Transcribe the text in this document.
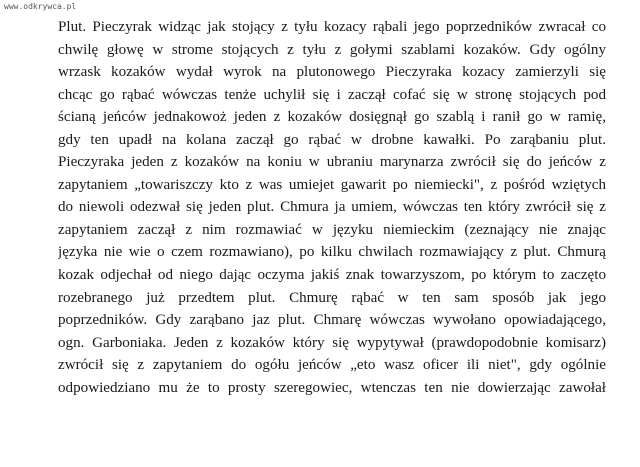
www.odkrywca.pl
Plut. Pieczyrak widząc jak stojący z tyłu kozacy rąbali jego poprzedników zwracał co
chwilę głowę w strome stojących z tyłu z gołymi szablami kozaków. Gdy ogólny
wrzask kozaków wydał wyrok na plutonowego Pieczyraka kozacy zamierzyli się
chcąc go rąbać wówczas tenże uchylił się i zaczął cofać się w stronę stojących pod
ścianą jeńców jednakowoż jeden z kozaków dosięgnął go szablą i ranił go w ramię,
gdy ten upadł na kolana zaczął go rąbać w drobne kawałki. Po zarąbaniu plut.
Pieczyraka jeden z kozaków na koniu w ubraniu marynarza zwrócił się do jeńców z
zapytaniem „towariszczy kto z was umiejet gawarit po niemiecki", z pośród wziętych
do niewoli odezwał się jeden plut. Chmura ja umiem, wówczas ten który zwrócił się z
zapytaniem zaczął z nim rozmawiać w języku niemieckim (zeznający nie znając
języka nie wie o czem rozmawiano), po kilku chwilach rozmawiający z plut. Chmurą
kozak odjechał od niego dając oczyma jakiś znak towarzyszom, po którym to zaczęto
rozebranego już przedtem plut. Chmurę rąbać w ten sam sposób jak jego
poprzedników. Gdy zarąbano jaz plut. Chmarę wówczas wywołano opowiadającego,
ogn. Garboniaka. Jeden z kozaków który się wypytywał (prawdopodobnie komisarz)
zwrócił się z zapytaniem do ogółu jeńców „eto wasz oficer ili niet", gdy ogólnie
odpowiedziano mu że to prosty szeregowiec, wtenczas ten nie dowierzając zawołał
